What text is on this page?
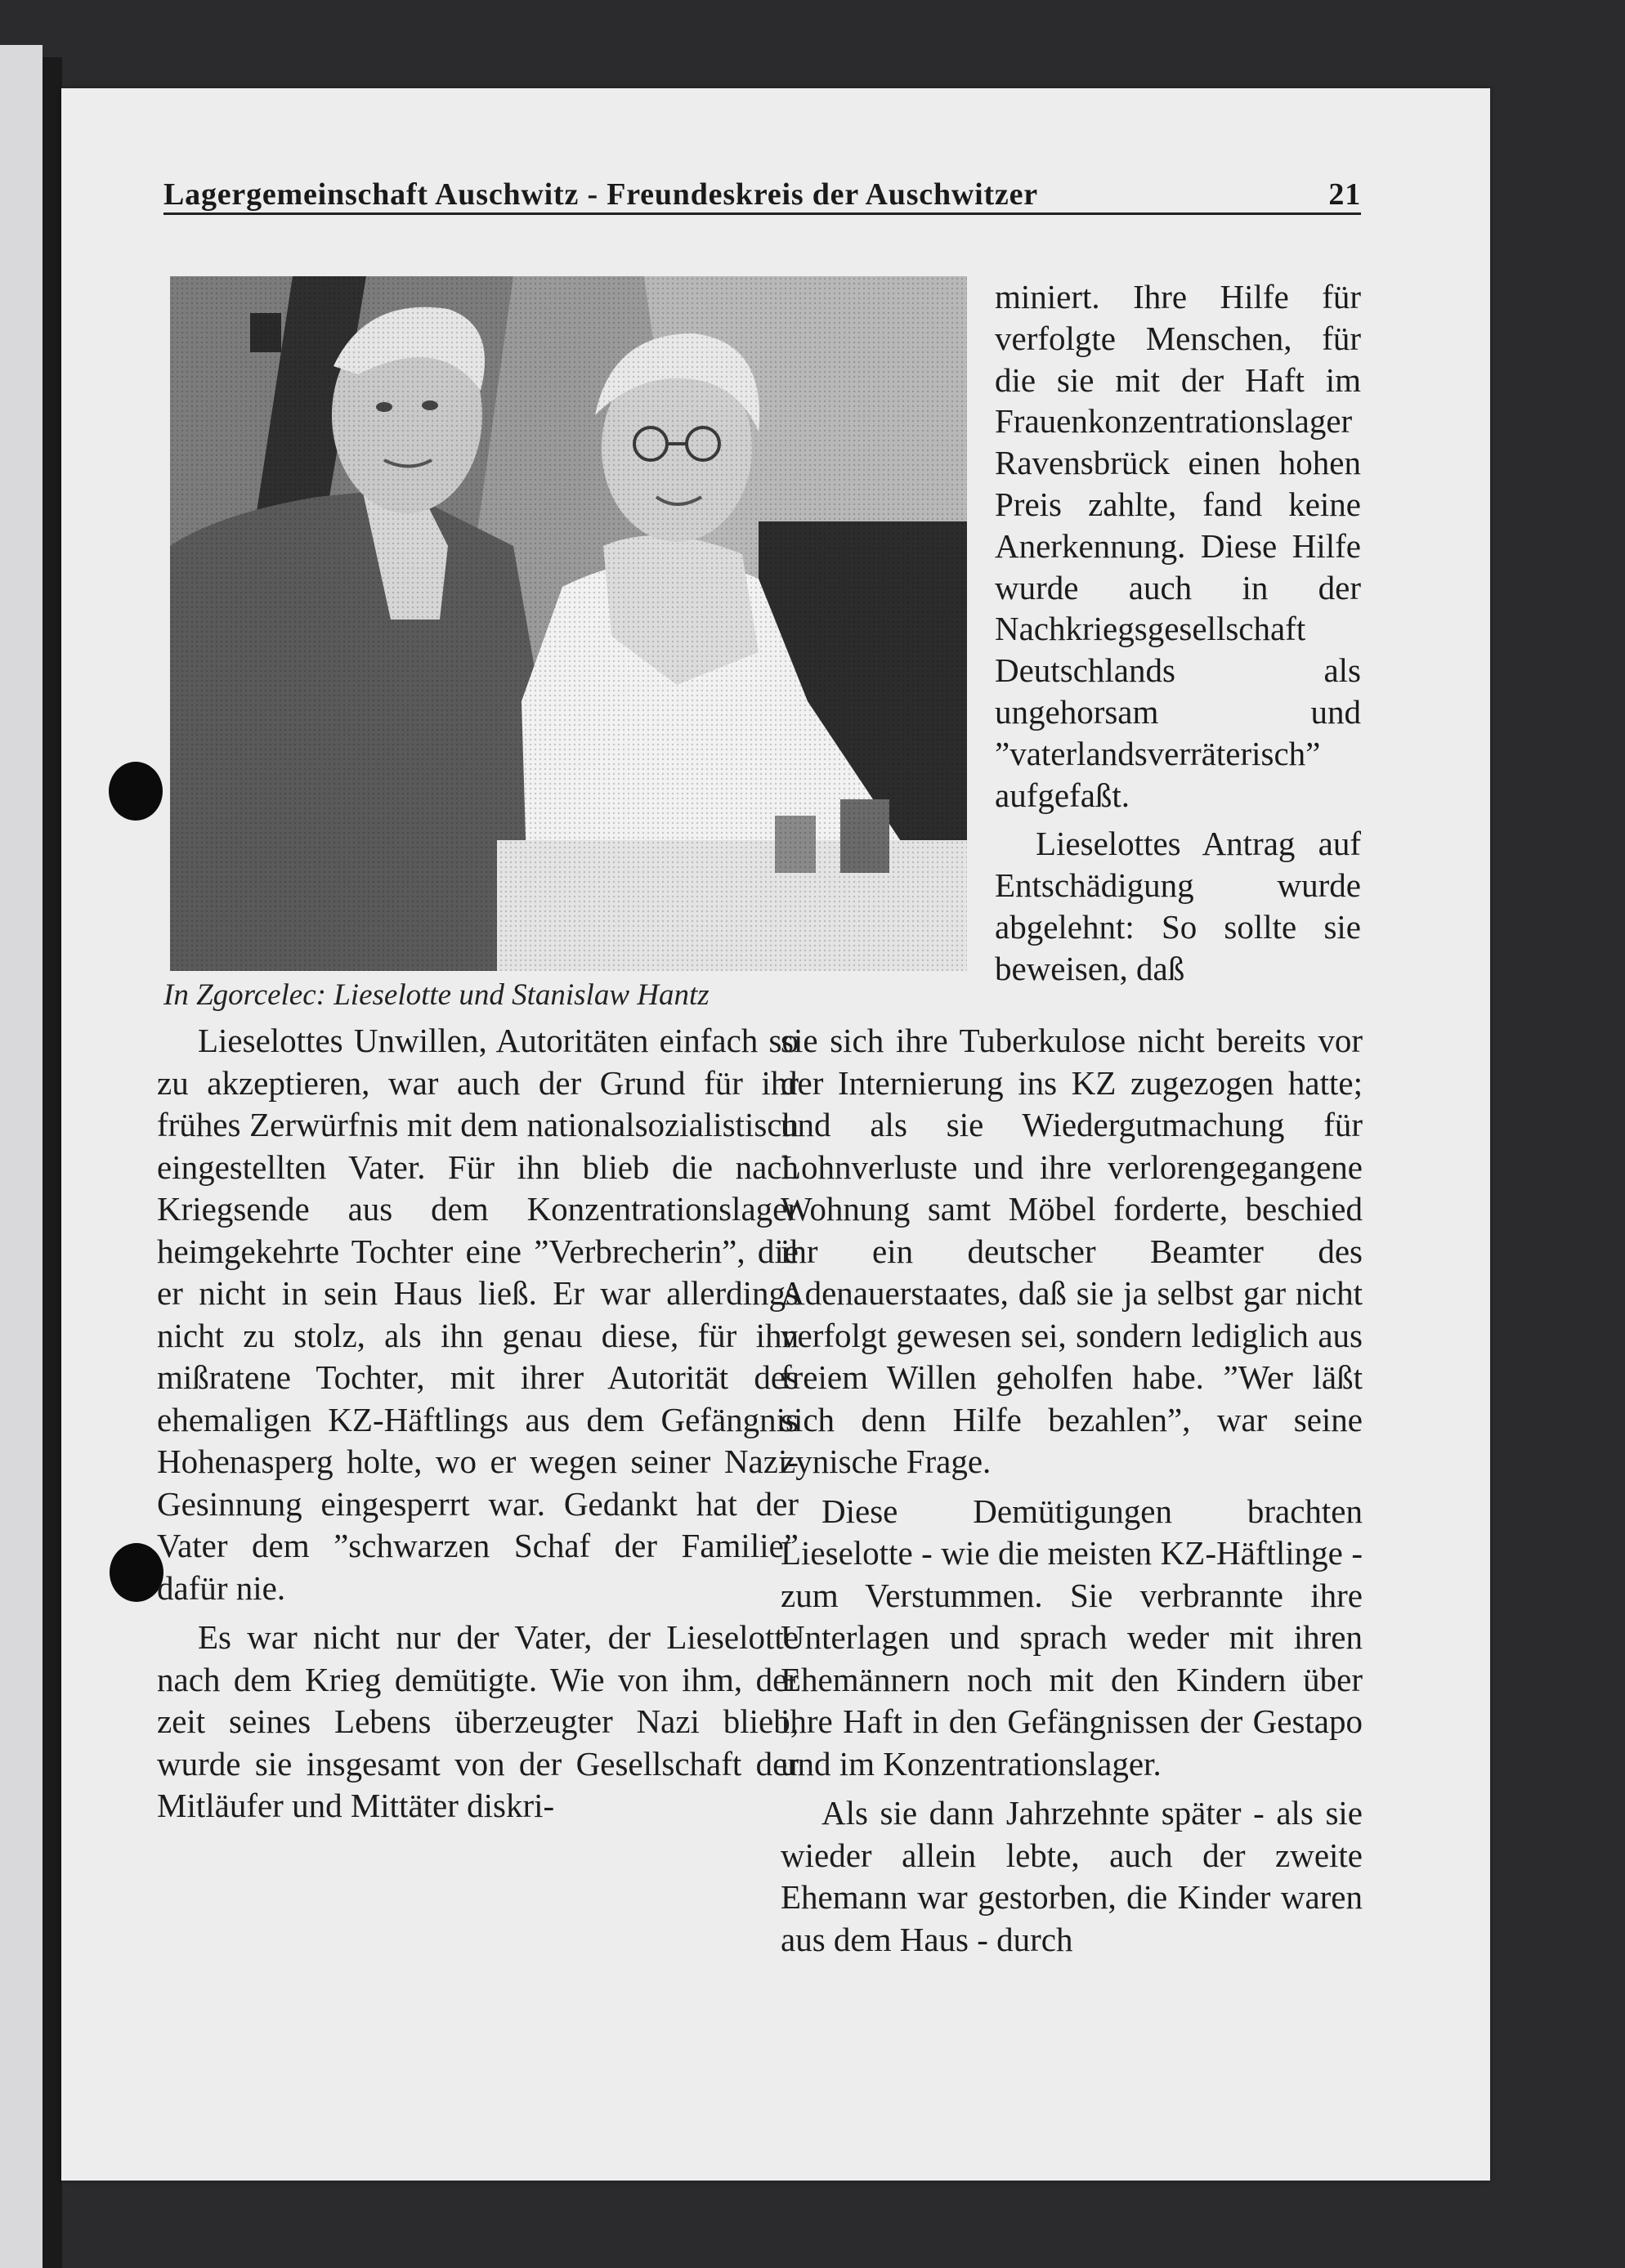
Lagergemeinschaft Auschwitz - Freundeskreis der Auschwitzer	21
In Zgorcelec: Lieselotte und Stanislaw Hantz

miniert. Ihre Hilfe für verfolgte Menschen, für die sie mit der Haft im Frauenkonzentrationslager Ravensbrück einen hohen Preis zahlte, fand keine Anerkennung. Diese Hilfe wurde auch in der Nachkriegsgesellschaft Deutschlands als ungehorsam und ”vaterlandsverräterisch” aufgefaßt.

Lieselottes Antrag auf Entschädigung wurde abgelehnt: So sollte sie beweisen, daß

Lieselottes Unwillen, Autoritäten einfach so zu akzeptieren, war auch der Grund für ihr frühes Zerwürfnis mit dem nationalsozialistisch eingestellten Vater. Für ihn blieb die nach Kriegsende aus dem Konzentrationslager heimgekehrte Tochter eine ”Verbrecherin”, die er nicht in sein Haus ließ. Er war allerdings nicht zu stolz, als ihn genau diese, für ihn mißratene Tochter, mit ihrer Autorität des ehemaligen KZ-Häftlings aus dem Gefängnis Hohenasperg holte, wo er wegen seiner Nazi-Gesinnung eingesperrt war. Gedankt hat der Vater dem ”schwarzen Schaf der Familie” dafür nie.

Es war nicht nur der Vater, der Lieselotte nach dem Krieg demütigte. Wie von ihm, der zeit seines Lebens überzeugter Nazi blieb, wurde sie insgesamt von der Gesellschaft der Mitläufer und Mittäter diskri-

sie sich ihre Tuberkulose nicht bereits vor der Internierung ins KZ zugezogen hatte; und als sie Wiedergutmachung für Lohnverluste und ihre verlorengegangene Wohnung samt Möbel forderte, beschied ihr ein deutscher Beamter des Adenauerstaates, daß sie ja selbst gar nicht verfolgt gewesen sei, sondern lediglich aus freiem Willen geholfen habe. ”Wer läßt sich denn Hilfe bezahlen”, war seine zynische Frage.

Diese Demütigungen brachten Lieselotte - wie die meisten KZ-Häftlinge - zum Verstummen. Sie verbrannte ihre Unterlagen und sprach weder mit ihren Ehemännern noch mit den Kindern über ihre Haft in den Gefängnissen der Gestapo und im Konzentrationslager.

Als sie dann Jahrzehnte später - als sie wieder allein lebte, auch der zweite Ehemann war gestorben, die Kinder waren aus dem Haus - durch
